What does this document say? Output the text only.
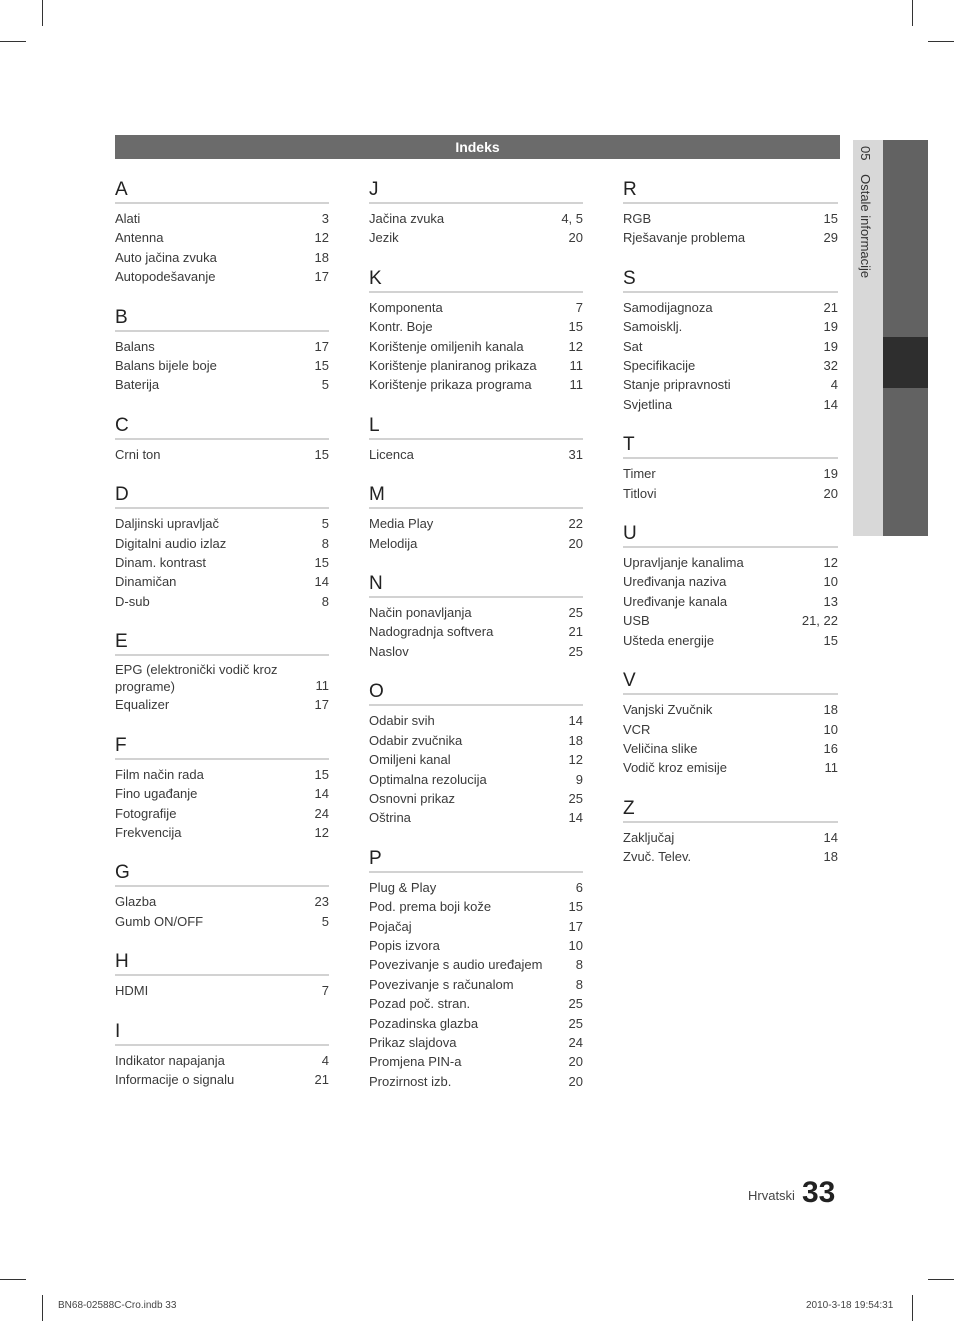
Indeks	05 Ostale informacije
A
Alati	3
Antenna	12
Auto jačina zvuka	18
Autopodešavanje	17
B
Balans	17
Balans bijele boje	15
Baterija	5
C
Crni ton	15
D
Daljinski upravljač	5
Digitalni audio izlaz	8
Dinam. kontrast	15
Dinamičan	14
D-sub	8
E
EPG (elektronički vodič kroz programe)	11
Equalizer	17
F
Film način rada	15
Fino ugađanje	14
Fotografije	24
Frekvencija	12
G
Glazba	23
Gumb ON/OFF	5
H
HDMI	7
I
Indikator napajanja	4
Informacije o signalu	21
J
Jačina zvuka	4, 5
Jezik	20
K
Komponenta	7
Kontr. Boje	15
Korištenje omiljenih kanala	12
Korištenje planiranog prikaza	11
Korištenje prikaza programa	11
L
Licenca	31
M
Media Play	22
Melodija	20
N
Način ponavljanja	25
Nadogradnja softvera	21
Naslov	25
O
Odabir svih	14
Odabir zvučnika	18
Omiljeni kanal	12
Optimalna rezolucija	9
Osnovni prikaz	25
Oštrina	14
P
Plug & Play	6
Pod. prema boji kože	15
Pojačaj	17
Popis izvora	10
Povezivanje s audio uređajem	8
Povezivanje s računalom	8
Pozad poč. stran.	25
Pozadinska glazba	25
Prikaz slajdova	24
Promjena PIN-a	20
Prozirnost izb.	20
R
RGB	15
Rješavanje problema	29
S
Samodijagnoza	21
Samoisklj.	19
Sat	19
Specifikacije	32
Stanje pripravnosti	4
Svjetlina	14
T
Timer	19
Titlovi	20
U
Upravljanje kanalima	12
Uređivanja naziva	10
Uređivanje kanala	13
USB	21, 22
Ušteda energije	15
V
Vanjski Zvučnik	18
VCR	10
Veličina slike	16
Vodič kroz emisije	11
Z
Zaključaj	14
Zvuč. Telev.	18
Hrvatski 33
BN68-02588C-Cro.indb 33	2010-3-18 19:54:31
